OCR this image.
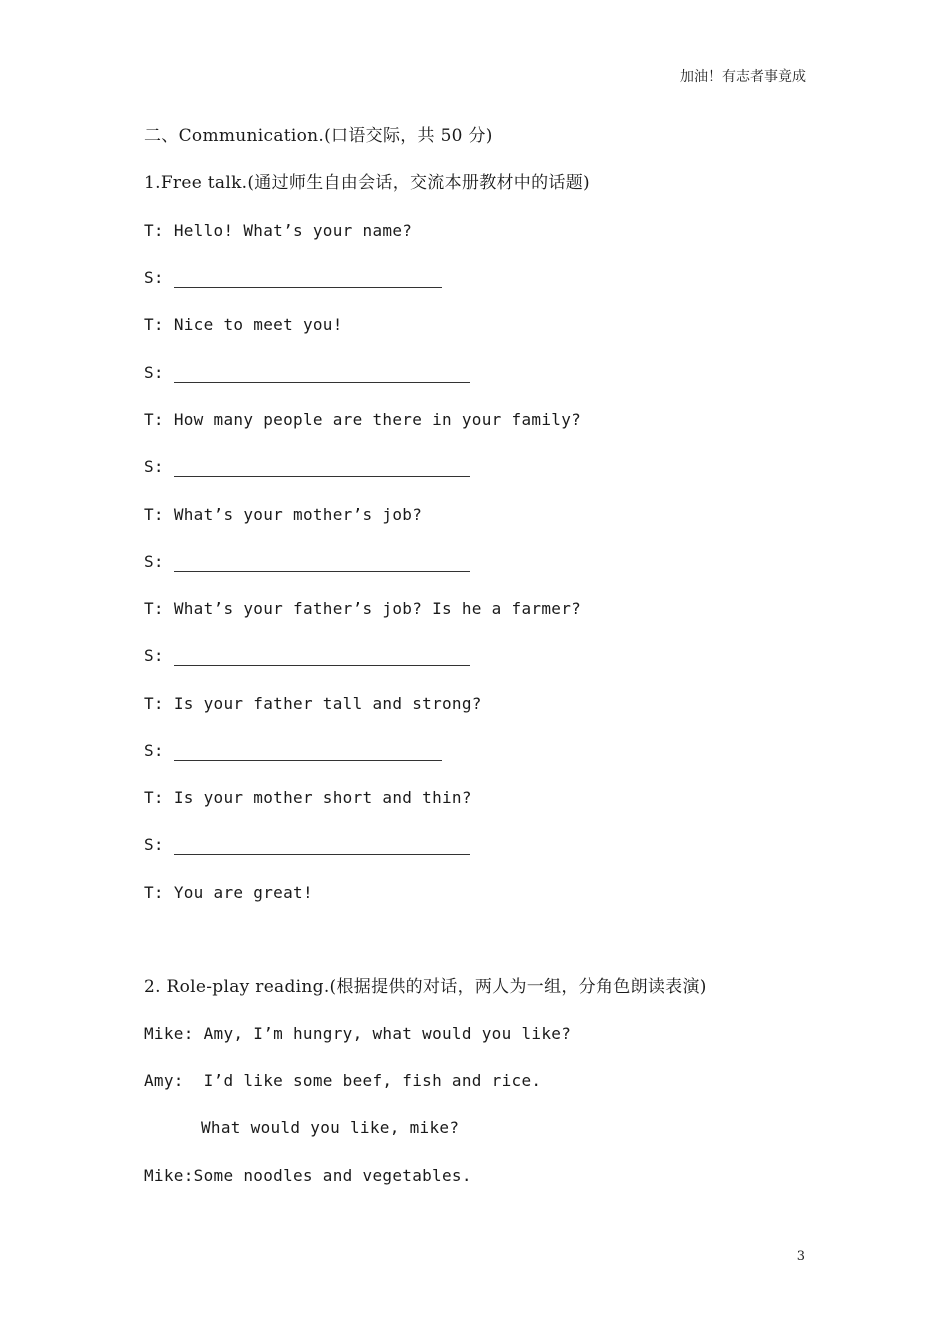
加油！有志者事竟成
二、Communication.(口语交际，共 50 分)
1.Free talk.(通过师生自由会话，交流本册教材中的话题)
T: Hello! What’s your name?
S:
T: Nice to meet you!
S:
T: How many people are there in your family?
S:
T: What’s your mother’s job?
S:
T: What’s your father’s job? Is he a farmer?
S:
T: Is your father tall and strong?
S:
T: Is your mother short and thin?
S:
T: You are great!
2. Role-play reading.(根据提供的对话，两人为一组，分角色朗读表演)
Mike: Amy, I’m hungry, what would you like?
Amy: I’d like some beef, fish and rice.
What would you like, mike?
Mike:Some noodles and vegetables.
3
